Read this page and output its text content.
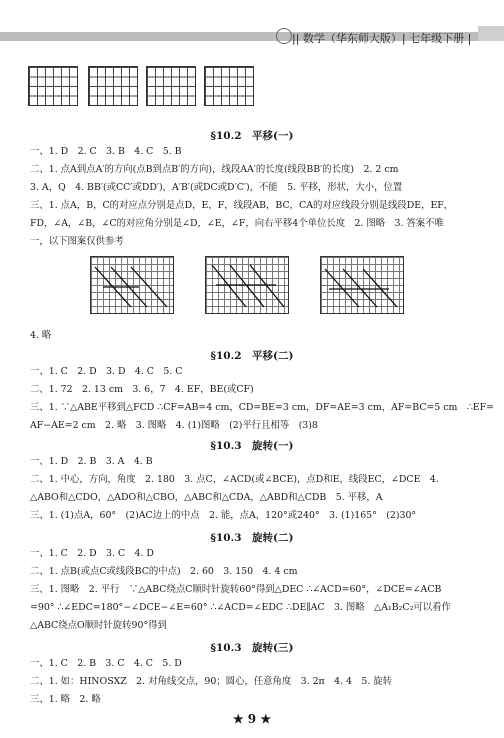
|| 数学（华东师大版）| 七年级下册 |
§10.2　平移(一)
一、1. D　2. C　3. B　4. C　5. B
二、1. 点A到点A′的方向(点B到点B′的方向)，线段AA′的长度(线段BB′的长度)　2. 2 cm
3. A，Q　4. BB′(或CC′或DD′)，A′B′(或DC或D′C′)，不能　5. 平移，形状，大小，位置
三、1. 点A，B，C的对应点分别是点D，E，F，线段AB，BC，CA的对应线段分别是线段DE，EF，
FD，∠A，∠B，∠C的对应角分别是∠D，∠E，∠F，向右平移4个单位长度　2. 图略　3. 答案不唯
一，以下图案仅供参考
4. 略
§10.2　平移(二)
一、1. C　2. D　3. D　4. C　5. C
二、1. 72　2. 13 cm　3. 6，7　4. EF，BE(或CF)
三、1. ∵△ABE平移到△FCD ∴CF=AB=4 cm，CD=BE=3 cm，DF=AE=3 cm，AF=BC=5 cm　∴EF=
AF−AE=2 cm　2. 略　3. 图略　4. (1)图略　(2)平行且相等　(3)8
§10.3　旋转(一)
一、1. D　2. B　3. A　4. B
二、1. 中心，方向，角度　2. 180　3. 点C，∠ACD(或∠BCE)，点D和E，线段EC，∠DCE　4.
△ABO和△CDO，△ADO和△CBO，△ABC和△CDA，△ABD和△CDB　5. 平移，A
三、1. (1)点A，60°　(2)AC边上的中点　2. 能，点A，120°或240°　3. (1)165°　(2)30°
§10.3　旋转(二)
一、1. C　2. D　3. C　4. D
二、1. 点B(或点C或线段BC的中点)　2. 60　3. 150　4. 4 cm
三、1. 图略　2. 平行　∵△ABC绕点C顺时针旋转60°得到△DEC ∴∠ACD=60°，∠DCE=∠ACB
=90° ∴∠EDC=180°−∠DCE−∠E=60° ∴∠ACD=∠EDC ∴DE∥AC　3. 图略　△A₁B₂C₂可以看作
△ABC绕点O顺时针旋转90°得到
§10.3　旋转(三)
一、1. C　2. B　3. C　4. C　5. D
二、1. 如：HINOSXZ　2. 对角线交点，90；圆心，任意角度　3. 2π　4. 4　5. 旋转
三、1. 略　2. 略
★ 9 ★
